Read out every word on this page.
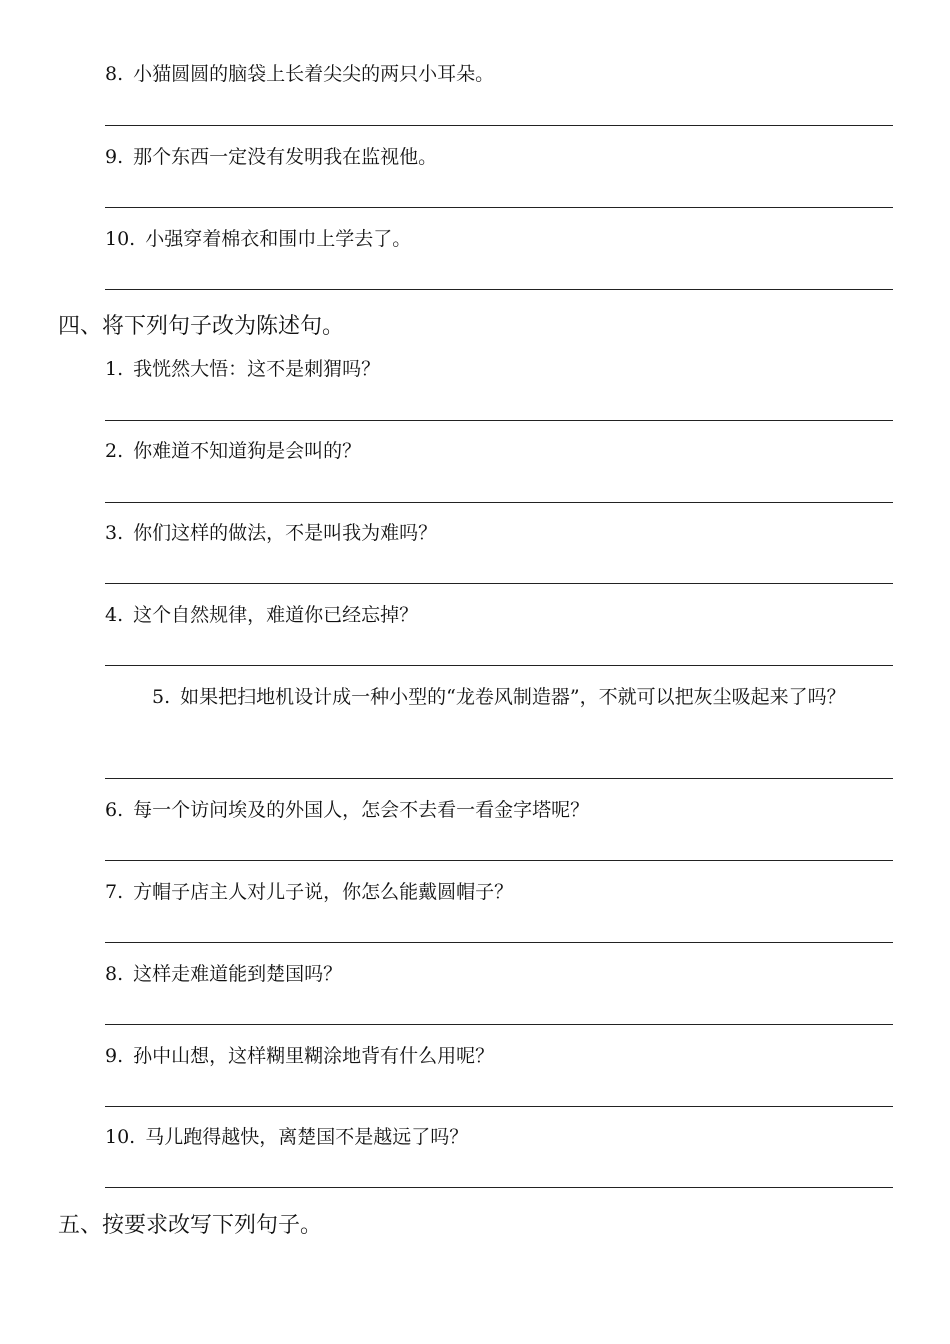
8. 小猫圆圆的脑袋上长着尖尖的两只小耳朵。
9. 那个东西一定没有发明我在监视他。
10. 小强穿着棉衣和围巾上学去了。
四、将下列句子改为陈述句。
1. 我恍然大悟：这不是刺猬吗？
2. 你难道不知道狗是会叫的？
3. 你们这样的做法，不是叫我为难吗？
4. 这个自然规律，难道你已经忘掉？
5. 如果把扫地机设计成一种小型的“龙卷风制造器”，不就可以把灰尘吸起来了吗？
6. 每一个访问埃及的外国人，怎会不去看一看金字塔呢？
7. 方帽子店主人对儿子说，你怎么能戴圆帽子？
8. 这样走难道能到楚国吗？
9. 孙中山想，这样糊里糊涂地背有什么用呢？
10. 马儿跑得越快，离楚国不是越远了吗？
五、按要求改写下列句子。
